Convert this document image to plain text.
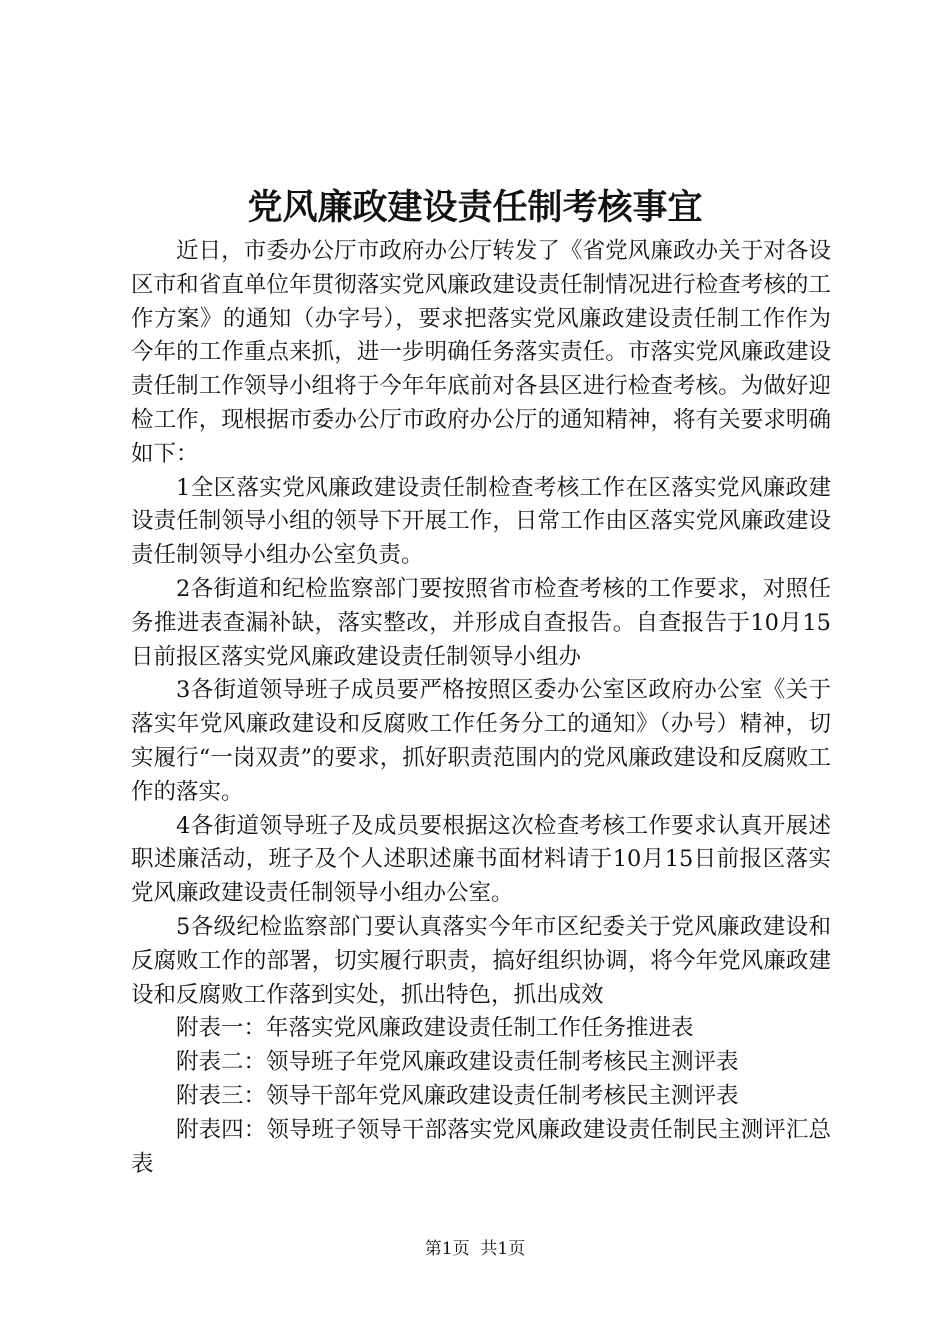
党风廉政建设责任制考核事宜

近日，市委办公厅市政府办公厅转发了《省党风廉政办关于对各设区市和省直单位年贯彻落实党风廉政建设责任制情况进行检查考核的工作方案》的通知（办字号），要求把落实党风廉政建设责任制工作作为今年的工作重点来抓，进一步明确任务落实责任。市落实党风廉政建设责任制工作领导小组将于今年年底前对各县区进行检查考核。为做好迎检工作，现根据市委办公厅市政府办公厅的通知精神，将有关要求明确如下：

1全区落实党风廉政建设责任制检查考核工作在区落实党风廉政建设责任制领导小组的领导下开展工作，日常工作由区落实党风廉政建设责任制领导小组办公室负责。

2各街道和纪检监察部门要按照省市检查考核的工作要求，对照任务推进表查漏补缺，落实整改，并形成自查报告。自查报告于10月15日前报区落实党风廉政建设责任制领导小组办

3各街道领导班子成员要严格按照区委办公室区政府办公室《关于落实年党风廉政建设和反腐败工作任务分工的通知》（办号）精神，切实履行“一岗双责”的要求，抓好职责范围内的党风廉政建设和反腐败工作的落实。

4各街道领导班子及成员要根据这次检查考核工作要求认真开展述职述廉活动，班子及个人述职述廉书面材料请于10月15日前报区落实党风廉政建设责任制领导小组办公室。

5各级纪检监察部门要认真落实今年市区纪委关于党风廉政建设和反腐败工作的部署，切实履行职责，搞好组织协调，将今年党风廉政建设和反腐败工作落到实处，抓出特色，抓出成效

附表一：年落实党风廉政建设责任制工作任务推进表

附表二：领导班子年党风廉政建设责任制考核民主测评表

附表三：领导干部年党风廉政建设责任制考核民主测评表

附表四：领导班子领导干部落实党风廉政建设责任制民主测评汇总表

第1页 共1页
